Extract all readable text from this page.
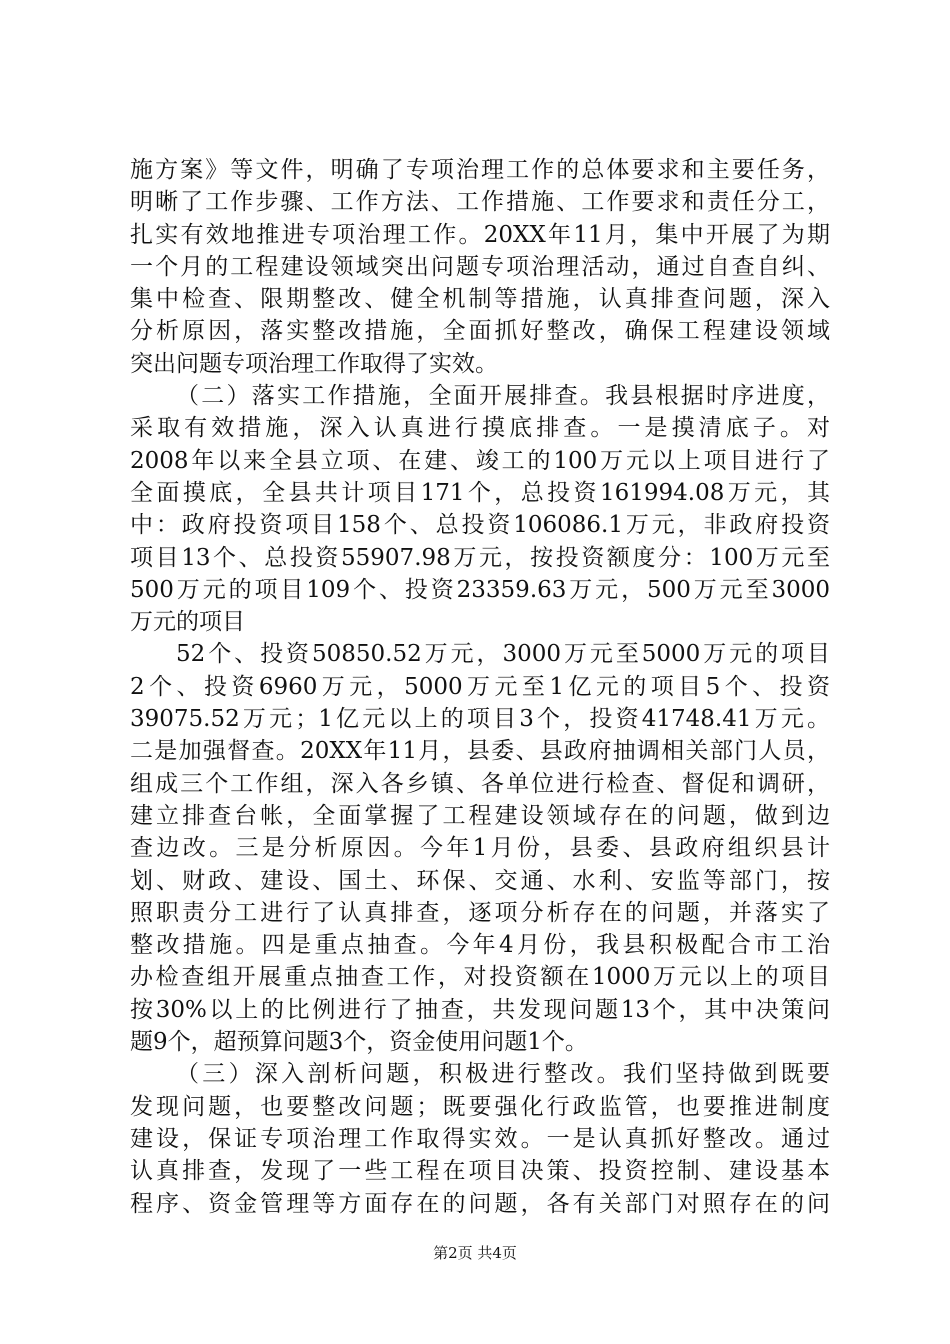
施方案》等文件，明确了专项治理工作的总体要求和主要任务，
明晰了工作步骤、工作方法、工作措施、工作要求和责任分工，
扎实有效地推进专项治理工作。20XX年11月，集中开展了为期
一个月的工程建设领域突出问题专项治理活动，通过自查自纠、
集中检查、限期整改、健全机制等措施，认真排查问题，深入
分析原因，落实整改措施，全面抓好整改，确保工程建设领域
突出问题专项治理工作取得了实效。
（二）落实工作措施，全面开展排查。我县根据时序进度，
采取有效措施，深入认真进行摸底排查。一是摸清底子。对
2008年以来全县立项、在建、竣工的100万元以上项目进行了
全面摸底，全县共计项目171个，总投资161994.08万元，其
中：政府投资项目158个、总投资106086.1万元，非政府投资
项目13个、总投资55907.98万元，按投资额度分：100万元至
500万元的项目109个、投资23359.63万元，500万元至3000
万元的项目
52个、投资50850.52万元，3000万元至5000万元的项目
2个、投资6960万元，5000万元至1亿元的项目5个、投资
39075.52万元；1亿元以上的项目3个，投资41748.41万元。
二是加强督查。20XX年11月，县委、县政府抽调相关部门人员，
组成三个工作组，深入各乡镇、各单位进行检查、督促和调研，
建立排查台帐，全面掌握了工程建设领域存在的问题，做到边
查边改。三是分析原因。今年1月份，县委、县政府组织县计
划、财政、建设、国土、环保、交通、水利、安监等部门，按
照职责分工进行了认真排查，逐项分析存在的问题，并落实了
整改措施。四是重点抽查。今年4月份，我县积极配合市工治
办检查组开展重点抽查工作，对投资额在1000万元以上的项目
按30%以上的比例进行了抽查，共发现问题13个，其中决策问
题9个，超预算问题3个，资金使用问题1个。
（三）深入剖析问题，积极进行整改。我们坚持做到既要
发现问题，也要整改问题；既要强化行政监管，也要推进制度
建设，保证专项治理工作取得实效。一是认真抓好整改。通过
认真排查，发现了一些工程在项目决策、投资控制、建设基本
程序、资金管理等方面存在的问题，各有关部门对照存在的问
第2页 共4页
